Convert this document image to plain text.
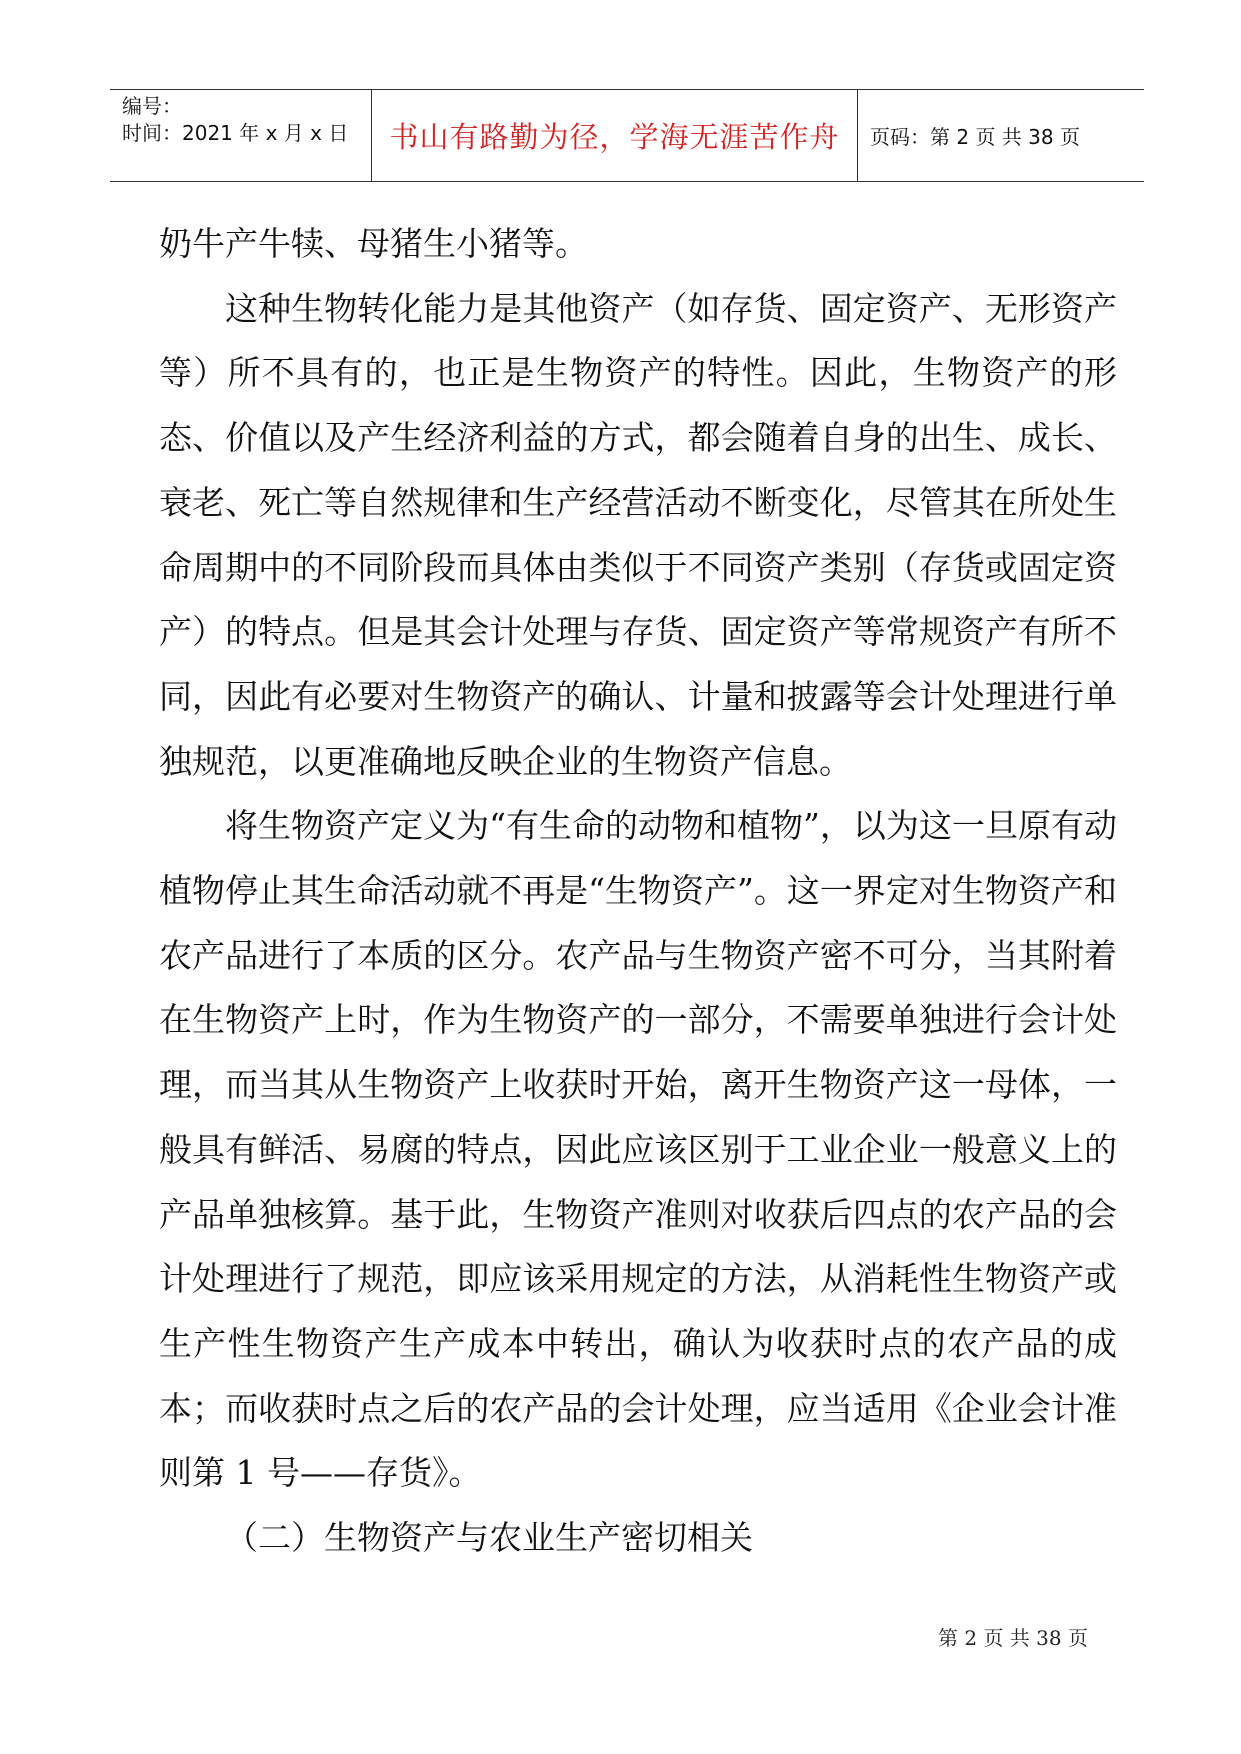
编号：
时间：2021 年 x 月 x 日	书山有路勤为径，学海无涯苦作舟	页码：第 2 页 共 38 页

奶牛产牛犊、母猪生小猪等。

这种生物转化能力是其他资产（如存货、固定资产、无形资产等）所不具有的，也正是生物资产的特性。因此，生物资产的形态、价值以及产生经济利益的方式，都会随着自身的出生、成长、衰老、死亡等自然规律和生产经营活动不断变化，尽管其在所处生命周期中的不同阶段而具体由类似于不同资产类别（存货或固定资产）的特点。但是其会计处理与存货、固定资产等常规资产有所不同，因此有必要对生物资产的确认、计量和披露等会计处理进行单独规范，以更准确地反映企业的生物资产信息。

将生物资产定义为“有生命的动物和植物”，以为这一旦原有动植物停止其生命活动就不再是“生物资产”。这一界定对生物资产和农产品进行了本质的区分。农产品与生物资产密不可分，当其附着在生物资产上时，作为生物资产的一部分，不需要单独进行会计处理，而当其从生物资产上收获时开始，离开生物资产这一母体，一般具有鲜活、易腐的特点，因此应该区别于工业企业一般意义上的产品单独核算。基于此，生物资产准则对收获后四点的农产品的会计处理进行了规范，即应该采用规定的方法，从消耗性生物资产或生产性生物资产生产成本中转出，确认为收获时点的农产品的成本；而收获时点之后的农产品的会计处理，应当适用《企业会计准则第 1 号——存货》。

（二）生物资产与农业生产密切相关

第 2 页 共 38 页
